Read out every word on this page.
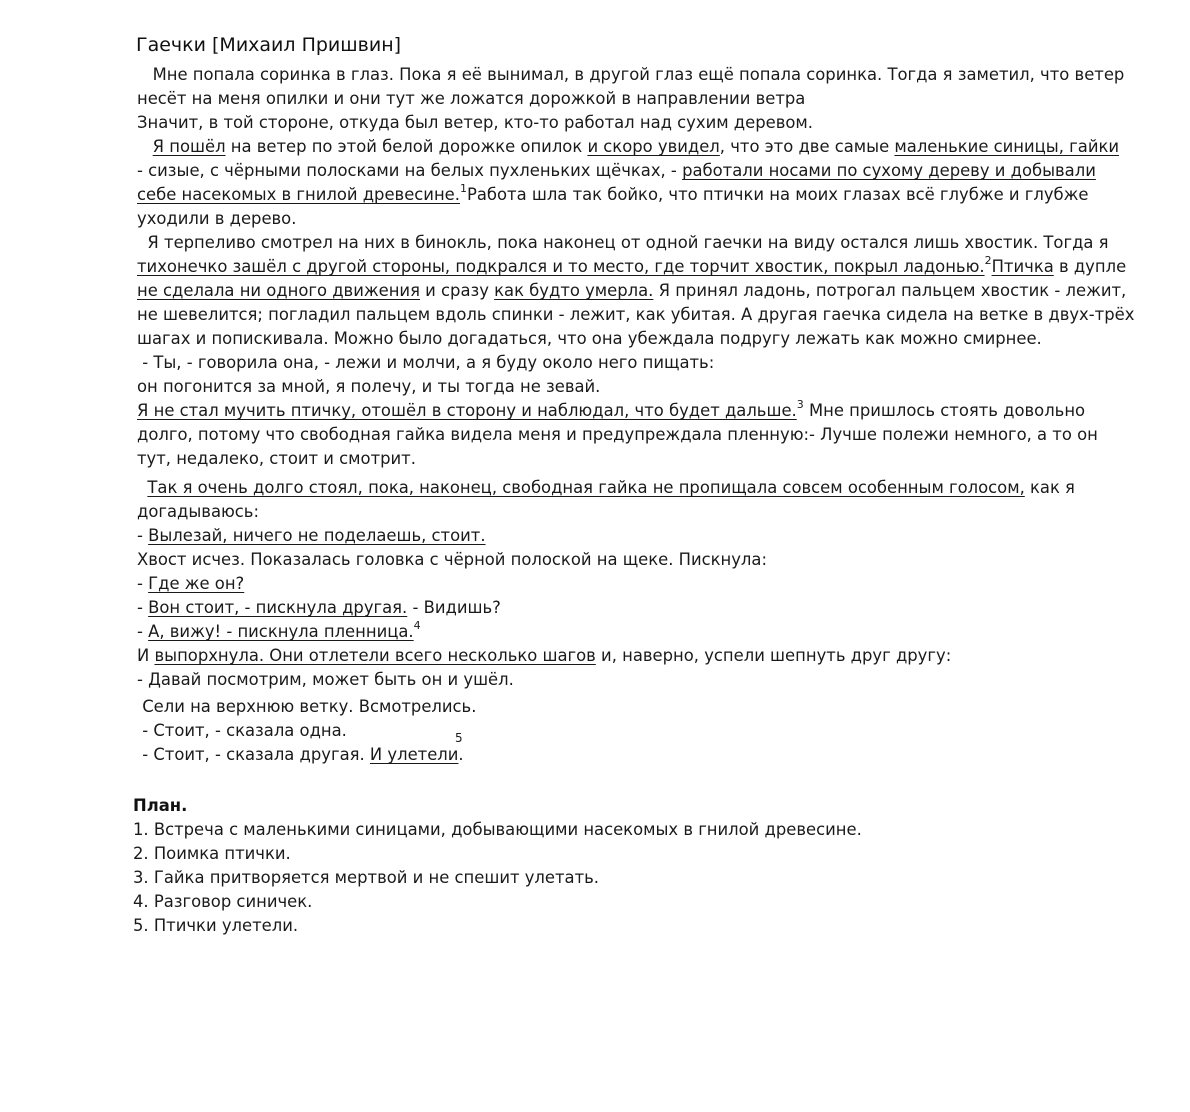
Гаечки [Михаил Пришвин]
Мне попала соринка в глаз. Пока я её вынимал, в другой глаз ещё попала соринка. Тогда я заметил, что ветер
несёт на меня опилки и они тут же ложатся дорожкой в направлении ветра
Значит, в той стороне, откуда был ветер, кто-то работал над сухим деревом.
Я пошёл на ветер по этой белой дорожке опилок и скоро увидел, что это две самые маленькие синицы, гайки
- сизые, с чёрными полосками на белых пухленьких щёчках, - работали носами по сухому дереву и добывали
себе насекомых в гнилой древесине.$^1$Работа шла так бойко, что птички на моих глазах всё глубже и глубже
уходили в дерево.
Я терпеливо смотрел на них в бинокль, пока наконец от одной гаечки на виду остался лишь хвостик. Тогда я
тихонечко зашёл с другой стороны, подкрался и то место, где торчит хвостик, покрыл ладонью.$^2$Птичка в дупле
не сделала ни одного движения и сразу как будто умерла. Я принял ладонь, потрогал пальцем хвостик - лежит,
не шевелится; погладил пальцем вдоль спинки - лежит, как убитая. А другая гаечка сидела на ветке в двух-трёх
шагах и попискивала. Можно было догадаться, что она убеждала подругу лежать как можно смирнее.
- Ты, - говорила она, - лежи и молчи, а я буду около него пищать:
он погонится за мной, я полечу, и ты тогда не зевай.
Я не стал мучить птичку, отошёл в сторону и наблюдал, что будет дальше.$^3$ Мне пришлось стоять довольно
долго, потому что свободная гайка видела меня и предупреждала пленную:- Лучше полежи немного, а то он
тут, недалеко, стоит и смотрит.
Так я очень долго стоял, пока, наконец, свободная гайка не пропищала совсем особенным голосом, как я
догадываюсь:
- Вылезай, ничего не поделаешь, стоит.
Хвост исчез. Показалась головка с чёрной полоской на щеке. Пискнула:
- Где же он?
- Вон стоит, - пискнула другая. - Видишь?
- А, вижу! - пискнула пленница.$^4$
И выпорхнула. Они отлетели всего несколько шагов и, наверно, успели шепнуть друг другу:
- Давай посмотрим, может быть он и ушёл.
Сели на верхнюю ветку. Всмотрелись.
- Стоит, - сказала одна.
- Стоит, - сказала другая. И улетели.
5
План.
1. Встреча с маленькими синицами, добывающими насекомых в гнилой древесине.
2. Поимка птички.
3. Гайка притворяется мертвой и не спешит улетать.
4. Разговор синичек.
5. Птички улетели.
